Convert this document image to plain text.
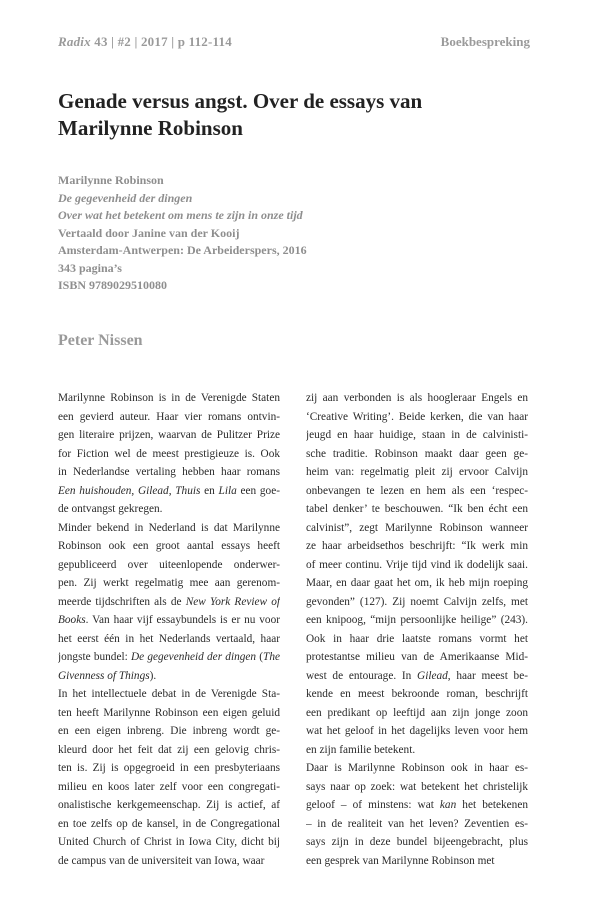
Radix 43 | #2 | 2017 | p 112-114	Boekbespreking
Genade versus angst. Over de essays van
Marilynne Robinson
Marilynne Robinson
De gegevenheid der dingen
Over wat het betekent om mens te zijn in onze tijd
Vertaald door Janine van der Kooij
Amsterdam-Antwerpen: De Arbeiderspers, 2016
343 pagina’s
ISBN 9789029510080
Peter Nissen
Marilynne Robinson is in de Verenigde Staten
een gevierd auteur. Haar vier romans ontvin-
gen literaire prijzen, waarvan de Pulitzer Prize
for Fiction wel de meest prestigieuze is. Ook
in Nederlandse vertaling hebben haar romans
Een huishouden, Gilead, Thuis en Lila een goe-
de ontvangst gekregen.
Minder bekend in Nederland is dat Marilynne
Robinson ook een groot aantal essays heeft
gepubliceerd over uiteenlopende onderwer-
pen. Zij werkt regelmatig mee aan gerenom-
meerde tijdschriften als de New York Review of
Books. Van haar vijf essaybundels is er nu voor
het eerst één in het Nederlands vertaald, haar
jongste bundel: De gegevenheid der dingen (The
Givenness of Things).
In het intellectuele debat in de Verenigde Sta-
ten heeft Marilynne Robinson een eigen geluid
en een eigen inbreng. Die inbreng wordt ge-
kleurd door het feit dat zij een gelovig chris-
ten is. Zij is opgegroeid in een presbyteriaans
milieu en koos later zelf voor een congregati-
onalistische kerkgemeenschap. Zij is actief, af
en toe zelfs op de kansel, in de Congregational
United Church of Christ in Iowa City, dicht bij
de campus van de universiteit van Iowa, waar
zij aan verbonden is als hoogleraar Engels en
‘Creative Writing’. Beide kerken, die van haar
jeugd en haar huidige, staan in de calvinisti-
sche traditie. Robinson maakt daar geen ge-
heim van: regelmatig pleit zij ervoor Calvijn
onbevangen te lezen en hem als een ‘respec-
tabel denker’ te beschouwen. “Ik ben écht een
calvinist”, zegt Marilynne Robinson wanneer
ze haar arbeidsethos beschrijft: “Ik werk min
of meer continu. Vrije tijd vind ik dodelijk saai.
Maar, en daar gaat het om, ik heb mijn roeping
gevonden” (127). Zij noemt Calvijn zelfs, met
een knipoog, “mijn persoonlijke heilige” (243).
Ook in haar drie laatste romans vormt het
protestantse milieu van de Amerikaanse Mid-
west de entourage. In Gilead, haar meest be-
kende en meest bekroonde roman, beschrijft
een predikant op leeftijd aan zijn jonge zoon
wat het geloof in het dagelijks leven voor hem
en zijn familie betekent.
Daar is Marilynne Robinson ook in haar es-
says naar op zoek: wat betekent het christelijk
geloof – of minstens: wat kan het betekenen
– in de realiteit van het leven? Zeventien es-
says zijn in deze bundel bijeengebracht, plus
een gesprek van Marilynne Robinson met
